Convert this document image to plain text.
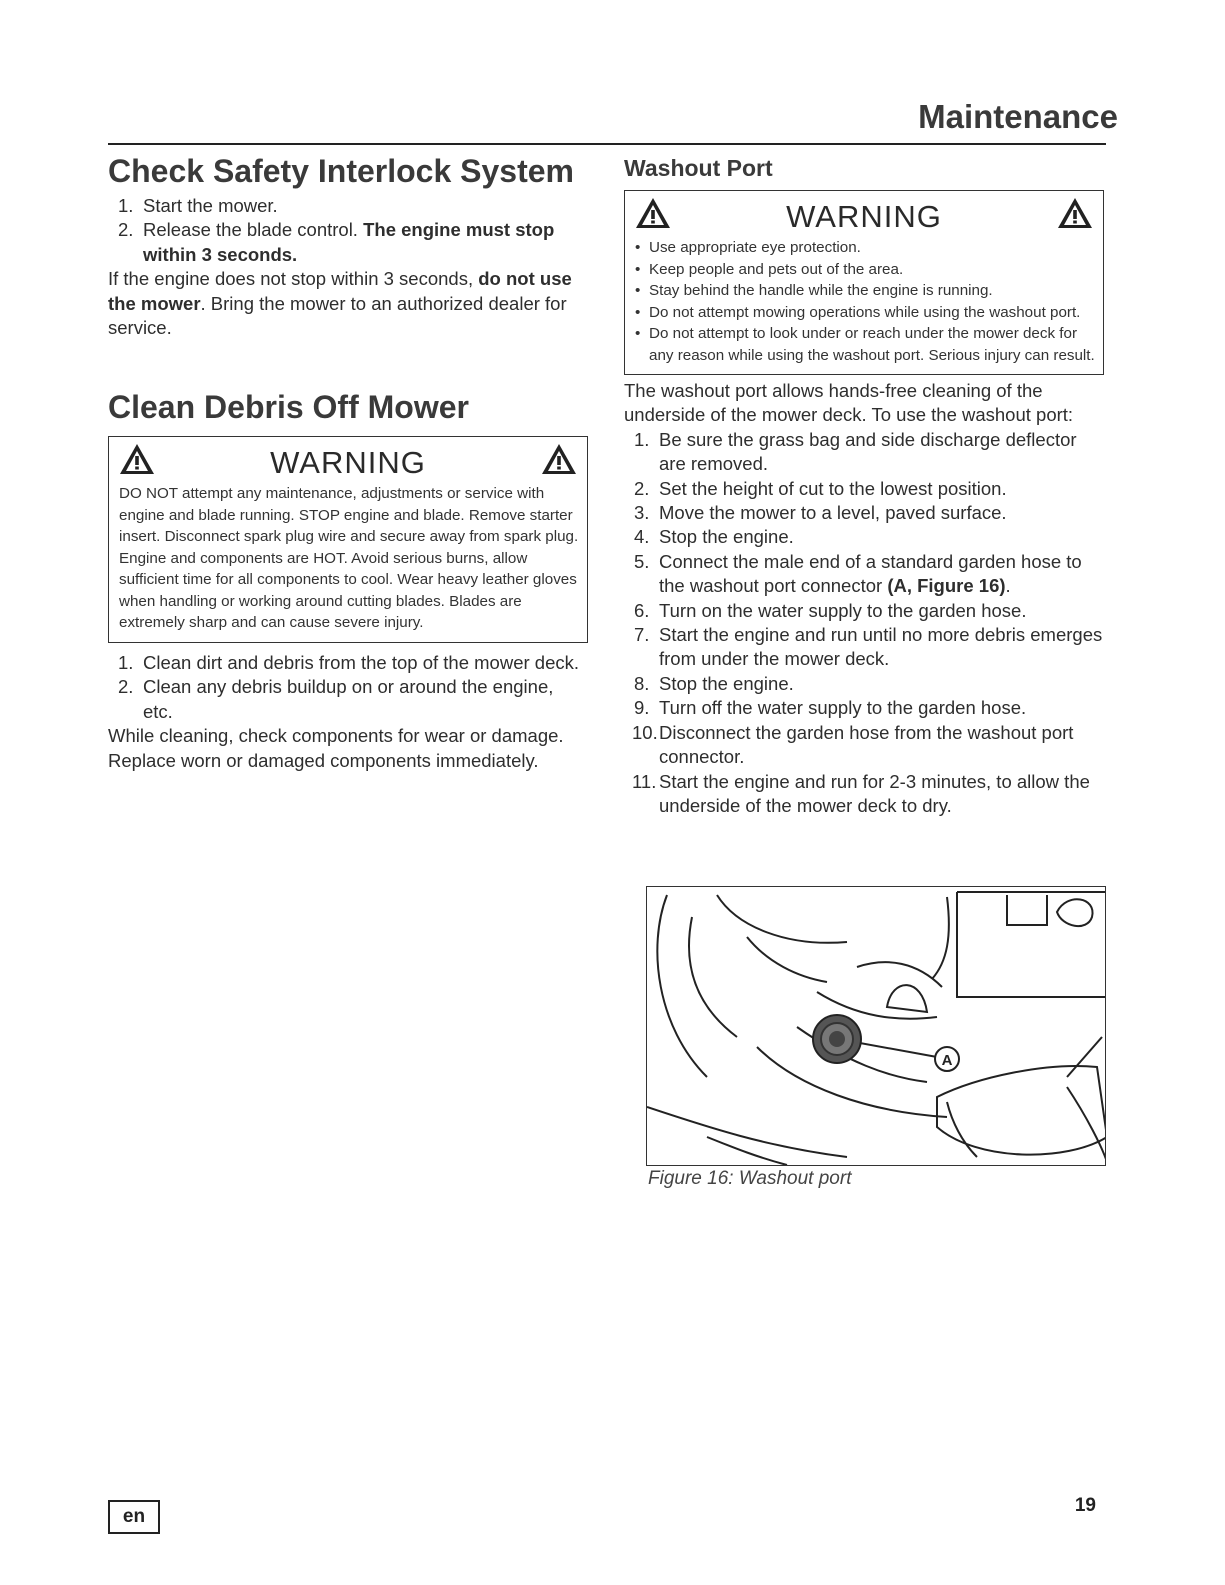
Maintenance
Check Safety Interlock System
1. Start the mower.
2. Release the blade control. The engine must stop within 3 seconds.
If the engine does not stop within 3 seconds, do not use the mower. Bring the mower to an authorized dealer for service.
Clean Debris Off Mower
WARNING
DO NOT attempt any maintenance, adjustments or service with engine and blade running. STOP engine and blade. Remove starter insert. Disconnect spark plug wire and secure away from spark plug. Engine and components are HOT. Avoid serious burns, allow sufficient time for all components to cool. Wear heavy leather gloves when handling or working around cutting blades. Blades are extremely sharp and can cause severe injury.
1. Clean dirt and debris from the top of the mower deck.
2. Clean any debris buildup on or around the engine, etc.
While cleaning, check components for wear or damage. Replace worn or damaged components immediately.
Washout Port
WARNING
• Use appropriate eye protection.
• Keep people and pets out of the area.
• Stay behind the handle while the engine is running.
• Do not attempt mowing operations while using the washout port.
• Do not attempt to look under or reach under the mower deck for any reason while using the washout port. Serious injury can result.
The washout port allows hands-free cleaning of the underside of the mower deck. To use the washout port:
1. Be sure the grass bag and side discharge deflector are removed.
2. Set the height of cut to the lowest position.
3. Move the mower to a level, paved surface.
4. Stop the engine.
5. Connect the male end of a standard garden hose to the washout port connector (A, Figure 16).
6. Turn on the water supply to the garden hose.
7. Start the engine and run until no more debris emerges from under the mower deck.
8. Stop the engine.
9. Turn off the water supply to the garden hose.
10. Disconnect the garden hose from the washout port connector.
11. Start the engine and run for 2-3 minutes, to allow the underside of the mower deck to dry.
A
Figure 16: Washout port
en
19
